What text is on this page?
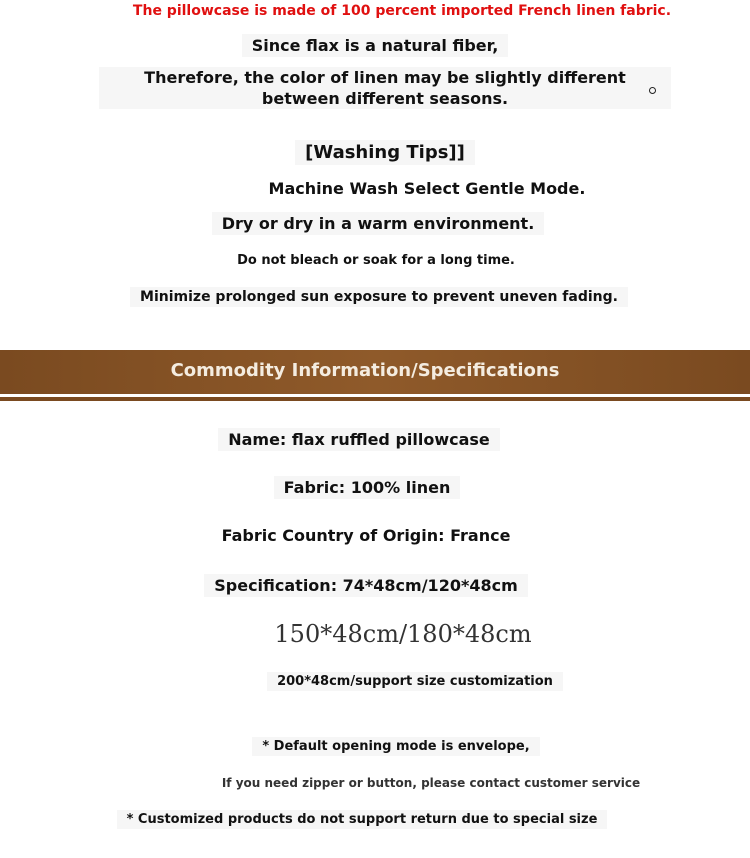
The pillowcase is made of 100 percent imported French linen fabric.
Since flax is a natural fiber,
Therefore, the color of linen may be slightly different between different seasons.
[Washing Tips]]
Machine Wash Select Gentle Mode.
Dry or dry in a warm environment.
Do not bleach or soak for a long time.
Minimize prolonged sun exposure to prevent uneven fading.
Commodity Information/Specifications
Name: flax ruffled pillowcase
Fabric: 100% linen
Fabric Country of Origin: France
Specification: 74*48cm/120*48cm
150*48cm/180*48cm
200*48cm/support size customization
* Default opening mode is envelope,
If you need zipper or button, please contact customer service
* Customized products do not support return due to special size
